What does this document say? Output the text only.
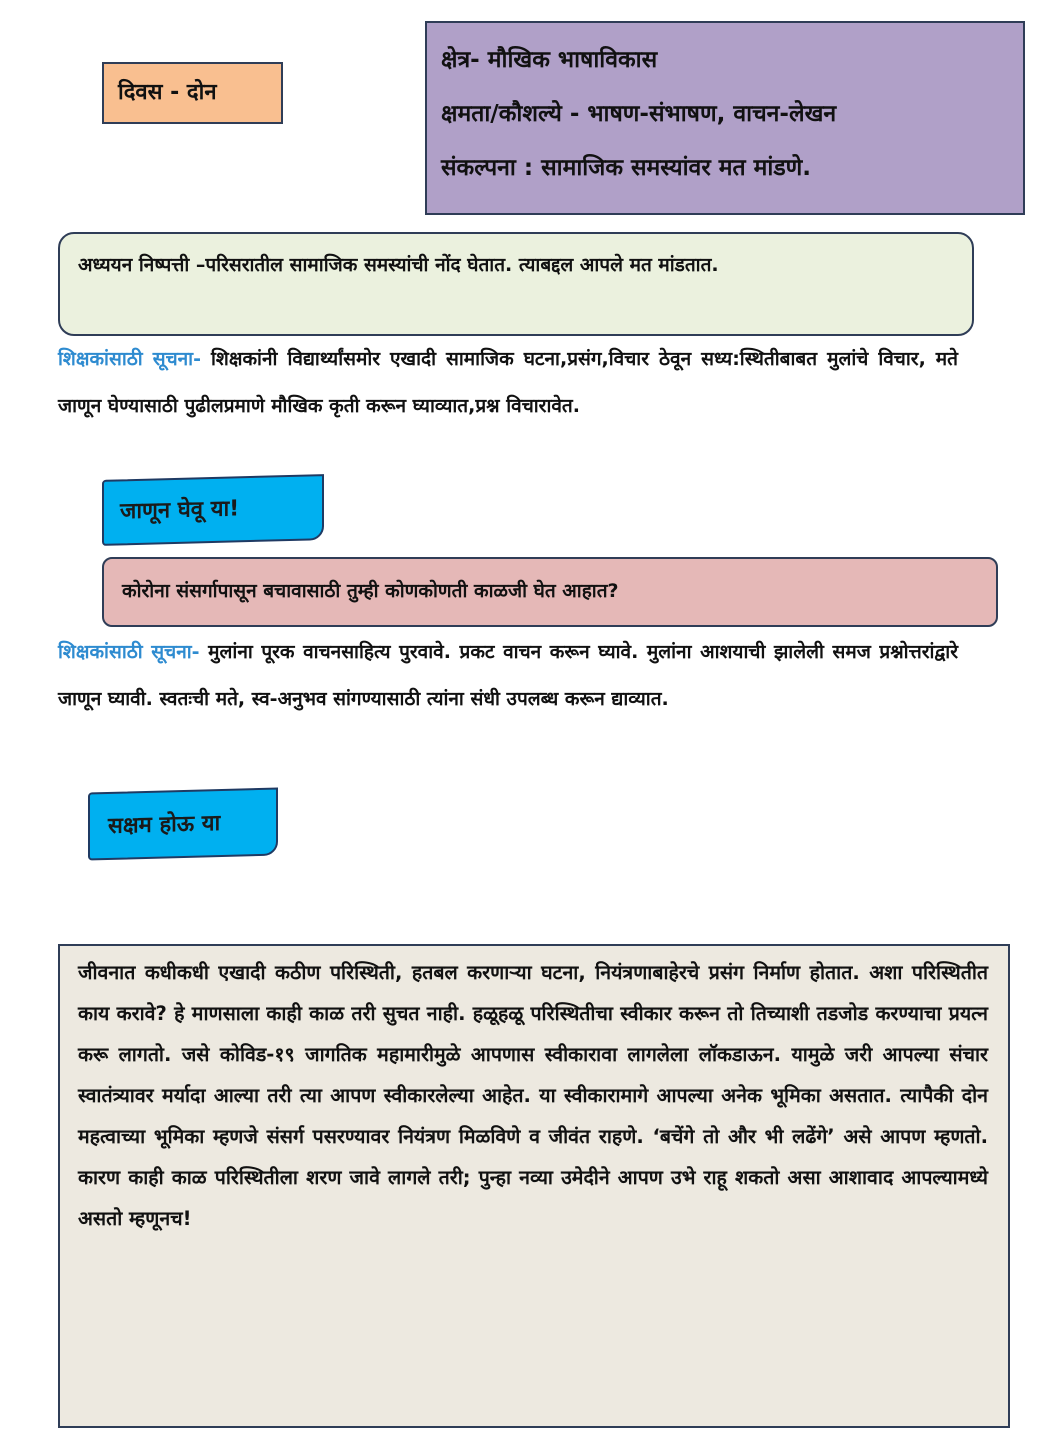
दिवस - दोन
क्षेत्र- मौखिक भाषाविकास
क्षमता/कौशल्ये - भाषण-संभाषण, वाचन-लेखन
संकल्पना : सामाजिक समस्यांवर मत मांडणे.
अध्ययन निष्पत्ती –परिसरातील सामाजिक समस्यांची नोंद घेतात. त्याबद्दल आपले मत मांडतात.
शिक्षकांसाठी सूचना- शिक्षकांनी विद्यार्थ्यांसमोर एखादी सामाजिक घटना,प्रसंग,विचार ठेवून सध्य:स्थितीबाबत मुलांचे विचार, मते जाणून घेण्यासाठी पुढीलप्रमाणे मौखिक कृती करून घ्याव्यात,प्रश्न विचारावेत.
जाणून घेवू या!
कोरोना संसर्गापासून बचावासाठी तुम्ही कोणकोणती काळजी घेत आहात?
शिक्षकांसाठी सूचना- मुलांना पूरक वाचनसाहित्य पुरवावे. प्रकट वाचन करून घ्यावे. मुलांना आशयाची झालेली समज प्रश्नोत्तरांद्वारे जाणून घ्यावी. स्वतःची मते, स्व-अनुभव सांगण्यासाठी त्यांना संधी उपलब्ध करून द्याव्यात.
सक्षम होऊ या
जीवनात कधीकधी एखादी कठीण परिस्थिती, हतबल करणाऱ्या घटना, नियंत्रणाबाहेरचे प्रसंग निर्माण होतात. अशा परिस्थितीत काय करावे? हे माणसाला काही काळ तरी सुचत नाही. हळूहळू परिस्थितीचा स्वीकार करून तो तिच्याशी तडजोड करण्याचा प्रयत्न करू लागतो. जसे कोविड-१९ जागतिक महामारीमुळे आपणास स्वीकारावा लागलेला लॉकडाऊन. यामुळे जरी आपल्या संचार स्वातंत्र्यावर मर्यादा आल्या तरी त्या आपण स्वीकारलेल्या आहेत. या स्वीकारामागे आपल्या अनेक भूमिका असतात. त्यापैकी दोन महत्वाच्या भूमिका म्हणजे संसर्ग पसरण्यावर नियंत्रण मिळविणे व जीवंत राहणे. ‘बचेंगे तो और भी लढेंगे’ असे आपण म्हणतो. कारण काही काळ परिस्थितीला शरण जावे लागले तरी; पुन्हा नव्या उमेदीने आपण उभे राहू शकतो असा आशावाद आपल्यामध्ये असतो म्हणूनच!
